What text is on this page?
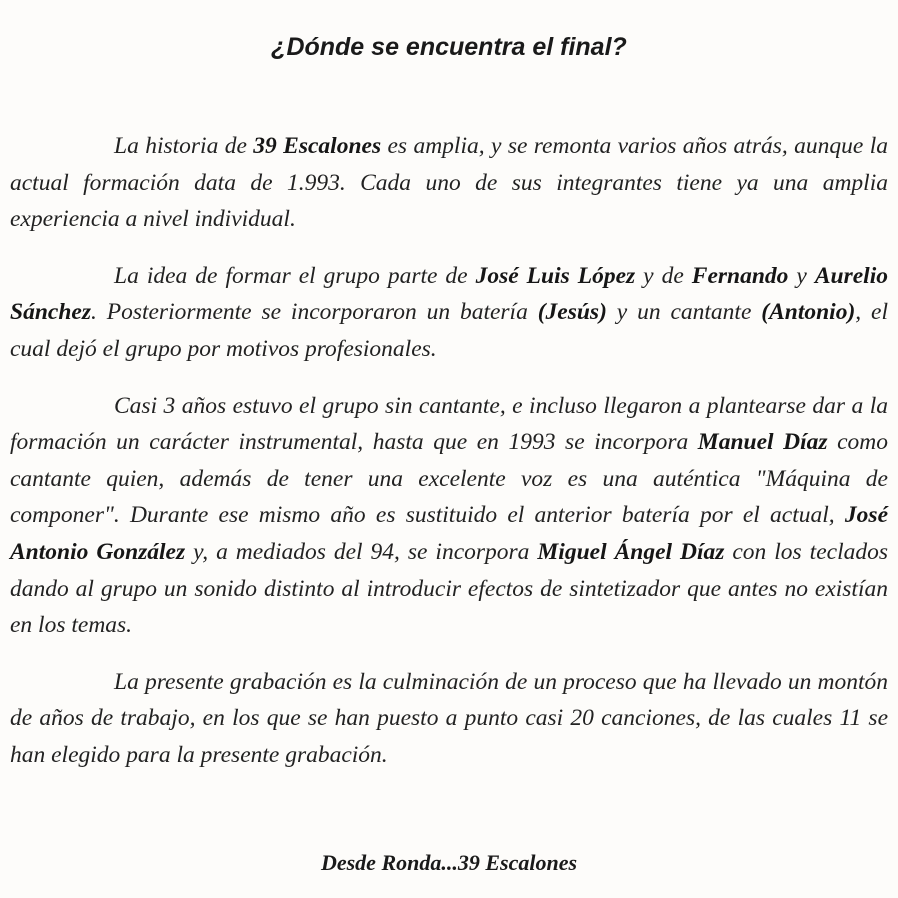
¿Dónde se encuentra el final?

La historia de 39 Escalones es amplia, y se remonta varios años atrás, aunque la actual formación data de 1.993. Cada uno de sus integrantes tiene ya una amplia experiencia a nivel individual.

La idea de formar el grupo parte de José Luis López y de Fernando y Aurelio Sánchez. Posteriormente se incorporaron un batería (Jesús) y un cantante (Antonio), el cual dejó el grupo por motivos profesionales.

Casi 3 años estuvo el grupo sin cantante, e incluso llegaron a plantearse dar a la formación un carácter instrumental, hasta que en 1993 se incorpora Manuel Díaz como cantante quien, además de tener una excelente voz es una auténtica "Máquina de componer". Durante ese mismo año es sustituido el anterior batería por el actual, José Antonio González y, a mediados del 94, se incorpora Miguel Ángel Díaz con los teclados dando al grupo un sonido distinto al introducir efectos de sintetizador que antes no existían en los temas.

La presente grabación es la culminación de un proceso que ha llevado un montón de años de trabajo, en los que se han puesto a punto casi 20 canciones, de las cuales 11 se han elegido para la presente grabación.

Desde Ronda...39 Escalones
